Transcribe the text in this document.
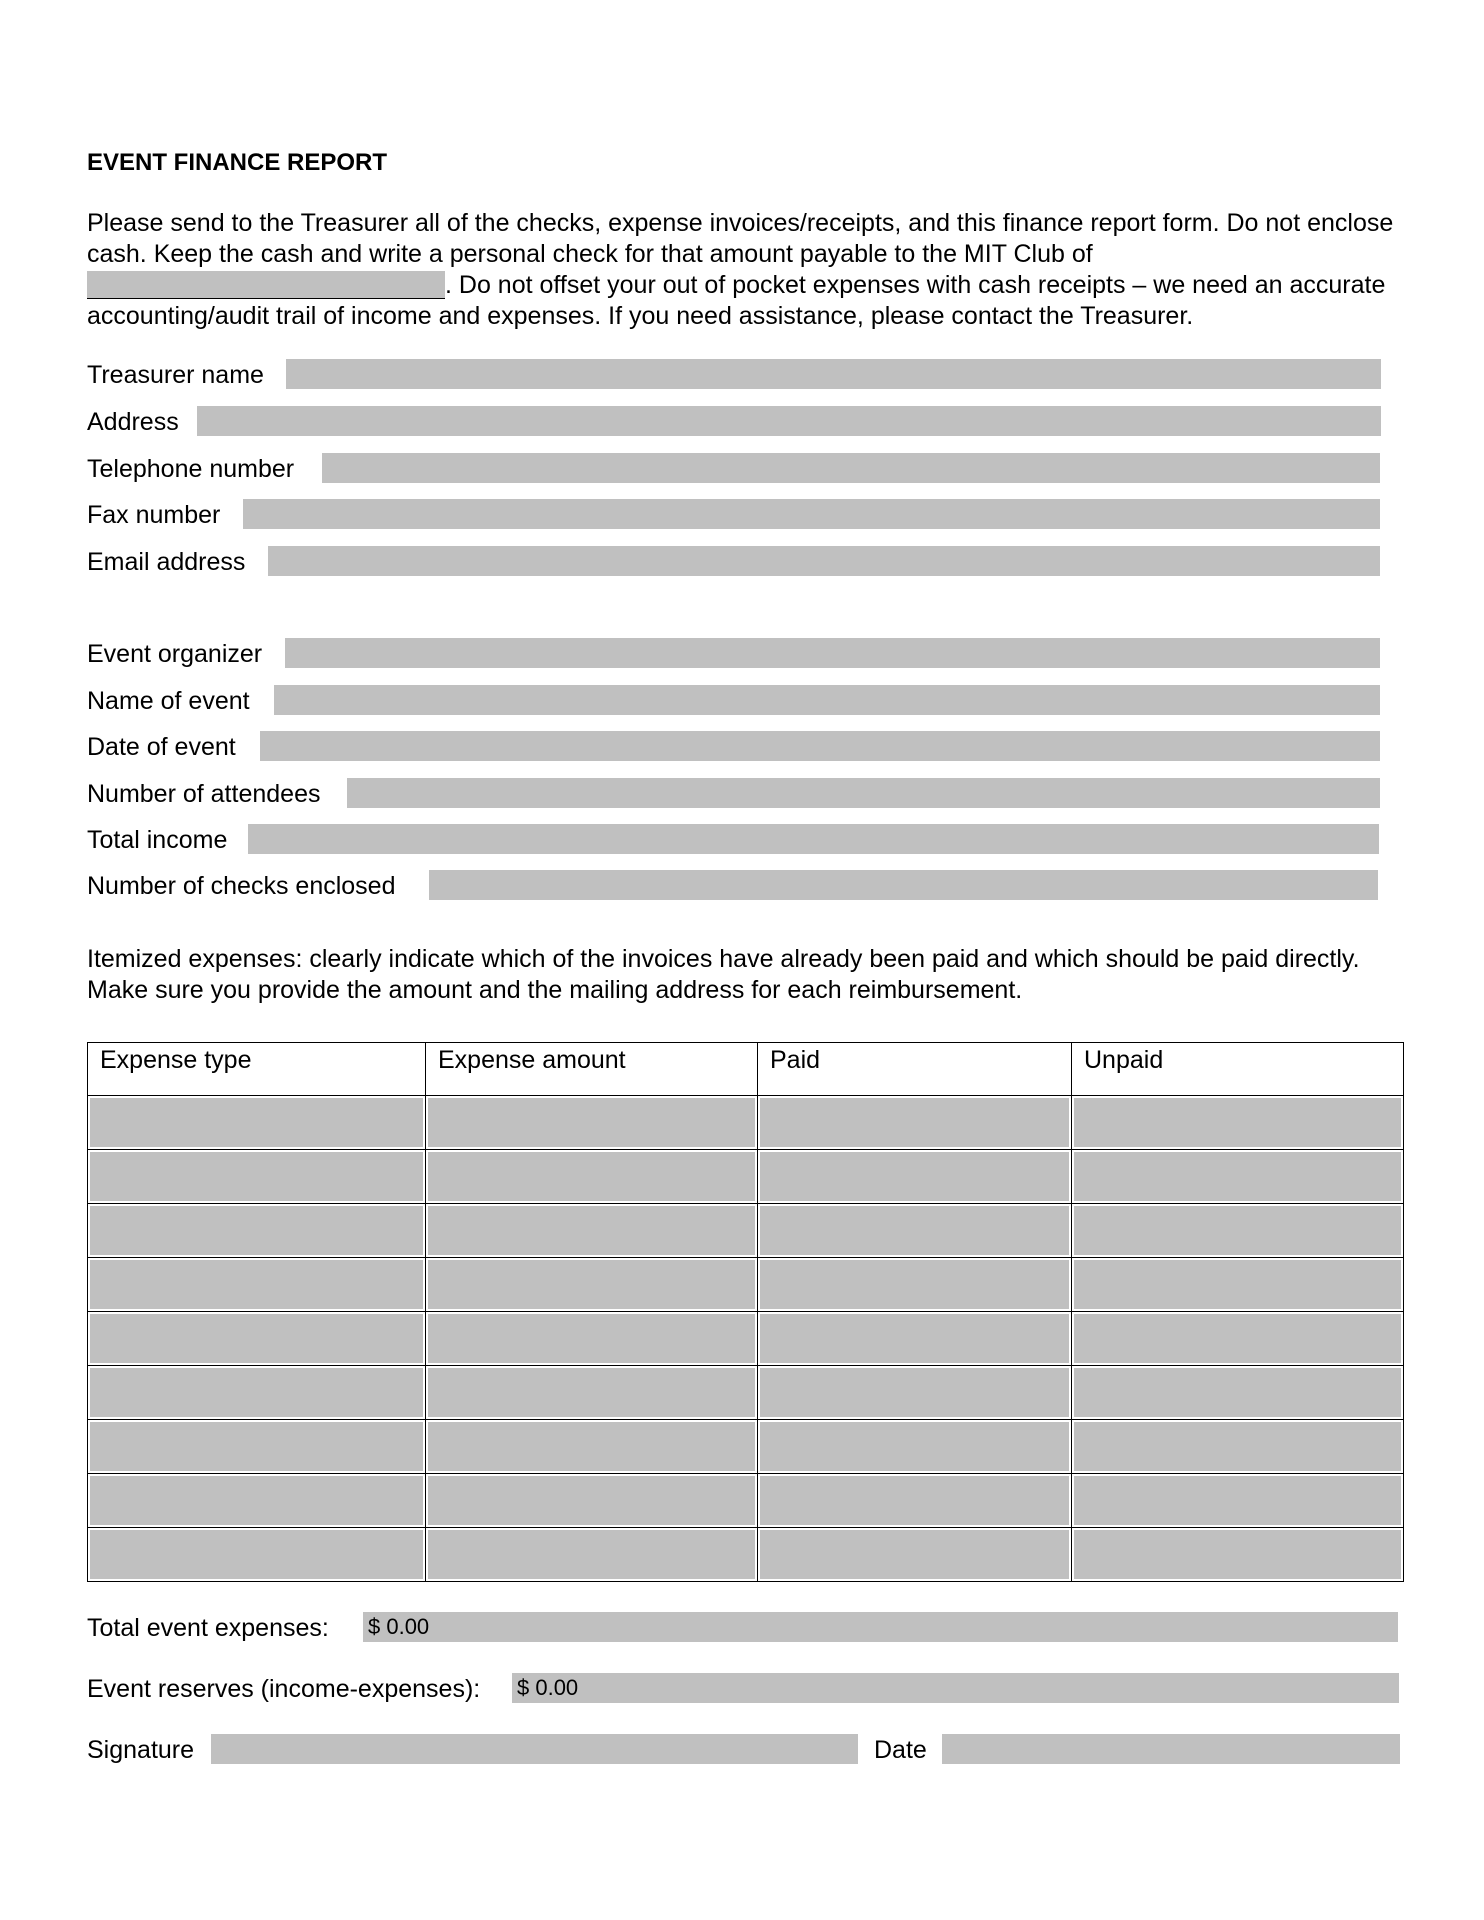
EVENT FINANCE REPORT
Please send to the Treasurer all of the checks, expense invoices/receipts, and this finance report form. Do not enclose cash. Keep the cash and write a personal check for that amount payable to the MIT Club of
. Do not offset your out of pocket expenses with cash receipts – we need an accurate accounting/audit trail of income and expenses. If you need assistance, please contact the Treasurer.
Treasurer name
Address
Telephone number
Fax number
Email address
Event organizer
Name of event
Date of event
Number of attendees
Total income
Number of checks enclosed
Itemized expenses: clearly indicate which of the invoices have already been paid and which should be paid directly. Make sure you provide the amount and the mailing address for each reimbursement.
Expense type	Expense amount	Paid	Unpaid

Total event expenses: $ 0.00
Event reserves (income-expenses): $ 0.00
Signature	Date
